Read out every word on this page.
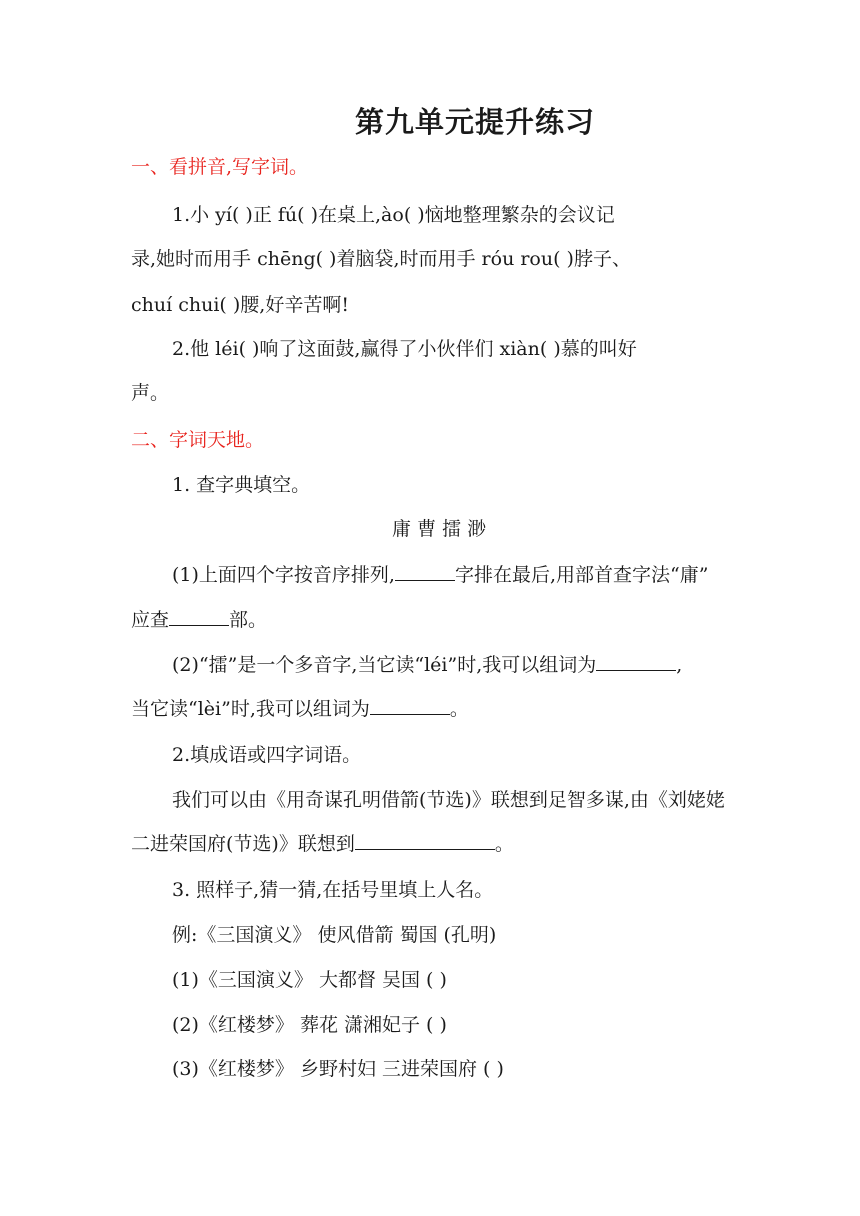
第九单元提升练习
一、看拼音,写字词。
1.小 yí( )正 fú( )在桌上,ào( )恼地整理繁杂的会议记
录,她时而用手 chēng( )着脑袋,时而用手 róu rou( )脖子、
chuí chui( )腰,好辛苦啊!
2.他 léi( )响了这面鼓,赢得了小伙伴们 xiàn( )慕的叫好
声。
二、字词天地。
1. 查字典填空。
庸 曹 擂 渺
(1)上面四个字按音序排列,	字排在最后,用部首查字法“庸”
应查	部。
(2)“擂”是一个多音字,当它读“léi”时,我可以组词为	,
当它读“lèi”时,我可以组词为	。
2.填成语或四字词语。
我们可以由《用奇谋孔明借箭(节选)》联想到足智多谋,由《刘姥姥
二进荣国府(节选)》联想到	。
3. 照样子,猜一猜,在括号里填上人名。
例:《三国演义》 使风借箭 蜀国 (孔明)
(1)《三国演义》 大都督 吴国 ( )
(2)《红楼梦》 葬花 潇湘妃子 ( )
(3)《红楼梦》 乡野村妇 三进荣国府 ( )
